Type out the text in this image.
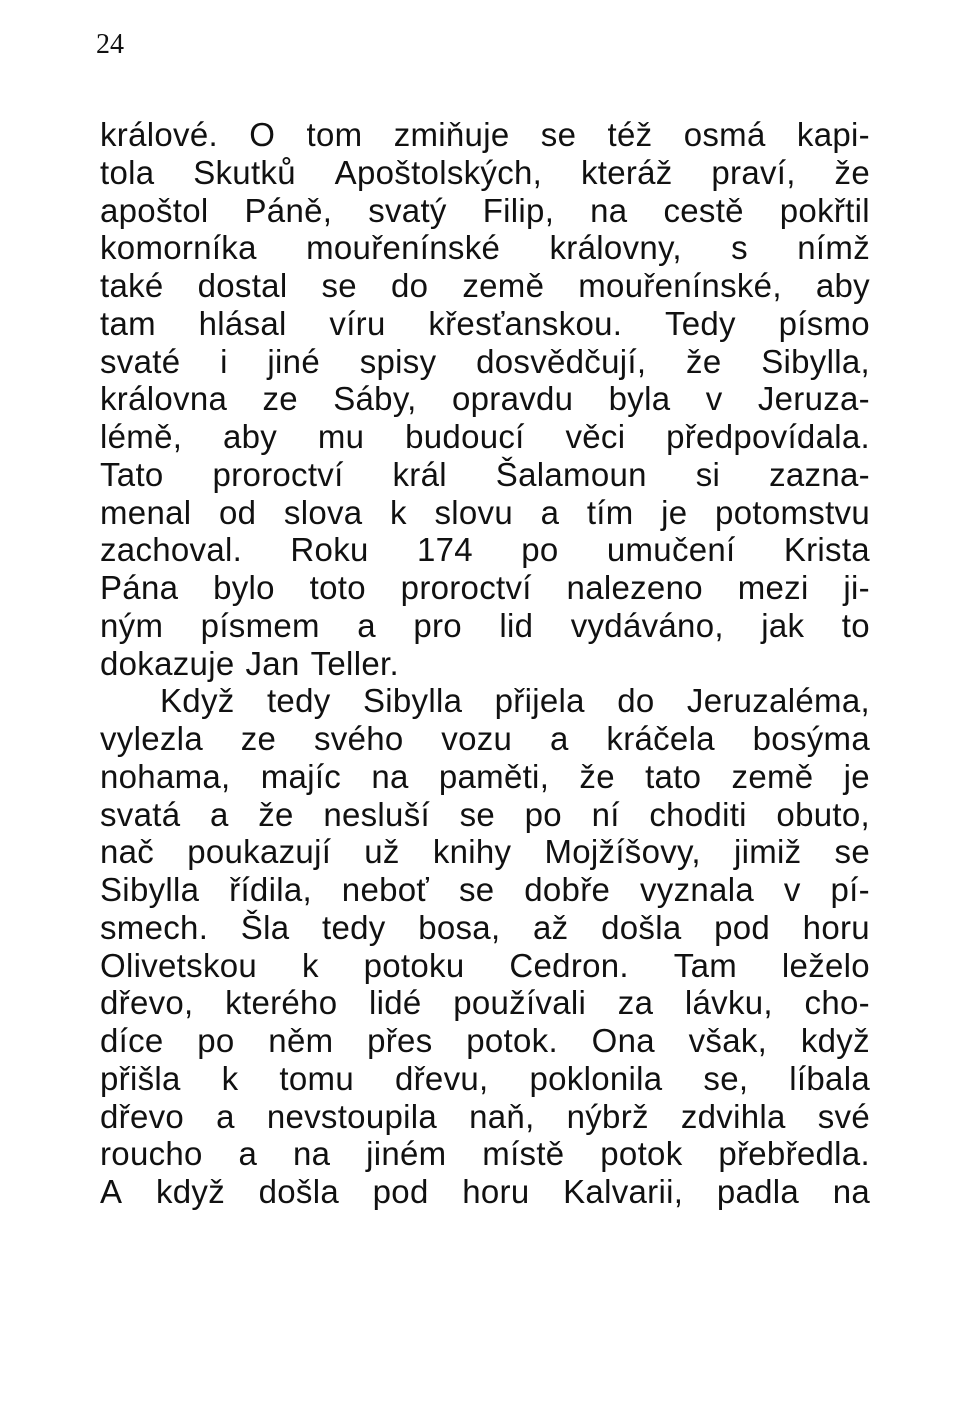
24
králové. O tom zmiňuje se též osmá kapi-
tola Skutků Apoštolských, kteráž praví, že
apoštol Páně, svatý Filip, na cestě pokřtil
komorníka mouřenínské královny, s nímž
také dostal se do země mouřenínské, aby
tam hlásal víru křesťanskou. Tedy písmo
svaté i jiné spisy dosvědčují, že Sibylla,
královna ze Sáby, opravdu byla v Jeruza-
lémě, aby mu budoucí věci předpovídala.
Tato proroctví král Šalamoun si zazna-
menal od slova k slovu a tím je potomstvu
zachoval. Roku 174 po umučení Krista
Pána bylo toto proroctví nalezeno mezi ji-
ným písmem a pro lid vydáváno, jak to
dokazuje Jan Teller.
Když tedy Sibylla přijela do Jeruzaléma,
vylezla ze svého vozu a kráčela bosýma
nohama, majíc na paměti, že tato země je
svatá a že nesluší se po ní choditi obuto,
nač poukazují už knihy Mojžíšovy, jimiž se
Sibylla řídila, neboť se dobře vyznala v pí-
smech. Šla tedy bosa, až došla pod horu
Olivetskou k potoku Cedron. Tam leželo
dřevo, kterého lidé používali za lávku, cho-
díce po něm přes potok. Ona však, když
přišla k tomu dřevu, poklonila se, líbala
dřevo a nevstoupila naň, nýbrž zdvihla své
roucho a na jiném místě potok přebředla.
A když došla pod horu Kalvarii, padla na
